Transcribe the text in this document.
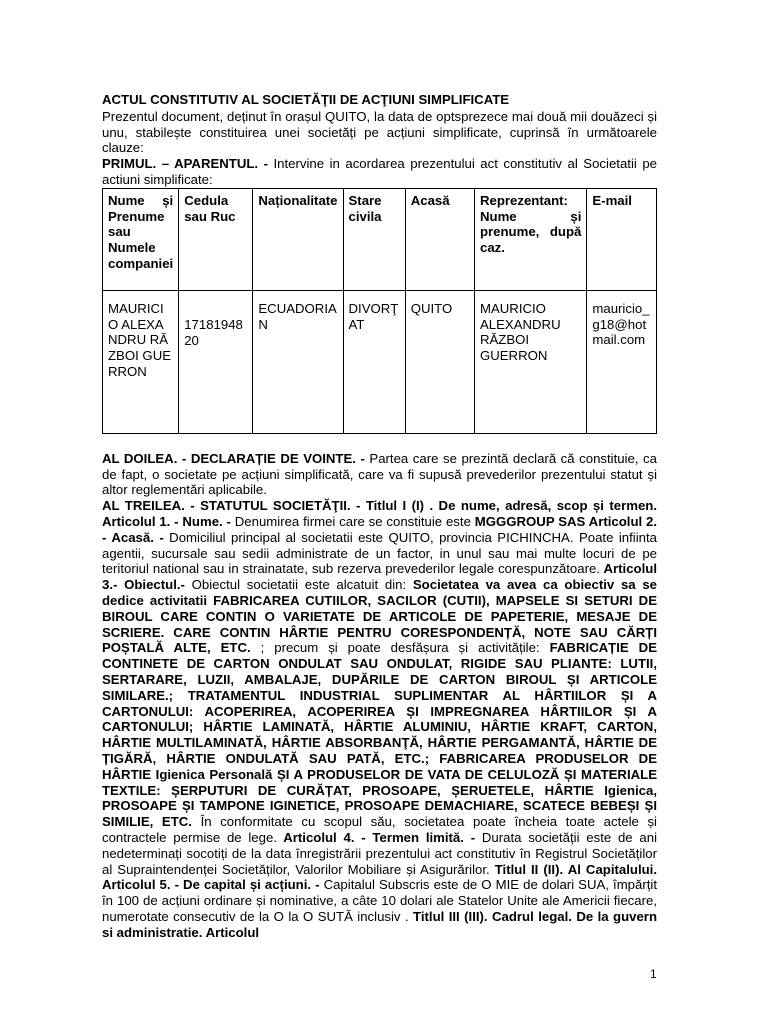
ACTUL CONSTITUTIV AL SOCIETĂŢII DE ACŢIUNI SIMPLIFICATE

Prezentul document, deținut în orașul QUITO, la data de optsprezece mai două mii douăzeci și unu, stabilește constituirea unei societăți pe acțiuni simplificate, cuprinsă în următoarele clauze:

PRIMUL. – APARENTUL. - Intervine in acordarea prezentului act constitutiv al Societatii pe actiuni simplificate:

Nume și Prenume sau Numele companiei	Cedula sau Ruc	Naționalitate	Stare civila	Acasă	Reprezentant: Nume și prenume, după caz.	E-mail
MAURICIO ALEXANDRU RĂZBOI GUERRON	1718194820	ECUADORIAN	DIVORŢAT	QUITO	MAURICIO ALEXANDRU RĂZBOI GUERRON	mauricio_g18@hotmail.com

AL DOILEA. - DECLARAȚIE DE VOINTE. - Partea care se prezintă declară că constituie, ca de fapt, o societate pe acțiuni simplificată, care va fi supusă prevederilor prezentului statut și altor reglementări aplicabile.

AL TREILEA. - STATUTUL SOCIETĂŢII. - Titlul I (I) . De nume, adresă, scop și termen. Articolul 1. - Nume. - Denumirea firmei care se constituie este MGGGROUP SAS Articolul 2. - Acasă. - Domiciliul principal al societatii este QUITO, provincia PICHINCHA. Poate infiinta agentii, sucursale sau sedii administrate de un factor, in unul sau mai multe locuri de pe teritoriul national sau in strainatate, sub rezerva prevederilor legale corespunzătoare. Articolul 3.- Obiectul.- Obiectul societatii este alcatuit din: Societatea va avea ca obiectiv sa se dedice activitatii FABRICAREA CUTIILOR, SACILOR (CUTII), MAPSELE SI SETURI DE BIROUL CARE CONTIN O VARIETATE DE ARTICOLE DE PAPETERIE, MESAJE DE SCRIERE. CARE CONTIN HÂRTIE PENTRU CORESPONDENȚĂ, NOTE SAU CĂRȚI POȘTALĂ ALTE, ETC. ; precum și poate desfășura și activitățile: FABRICAȚIE DE CONTINETE DE CARTON ONDULAT SAU ONDULAT, RIGIDE SAU PLIANTE: LUTII, SERTARARE, LUZII, AMBALAJE, DUPĂRILE DE CARTON BIROUL ȘI ARTICOLE SIMILARE.; TRATAMENTUL INDUSTRIAL SUPLIMENTAR AL HÂRTIILOR ȘI A CARTONULUI: ACOPERIREA, ACOPERIREA ȘI IMPREGNAREA HÂRTIILOR ȘI A CARTONULUI; HÂRTIE LAMINATĂ, HÂRTIE ALUMINIU, HÂRTIE KRAFT, CARTON, HÂRTIE MULTILAMINATĂ, HÂRTIE ABSORBANŢĂ, HÂRTIE PERGAMANTĂ, HÂRTIE DE ȚIGĂRĂ, HÂRTIE ONDULATĂ SAU PATĂ, ETC.; FABRICAREA PRODUSELOR DE HÂRTIE Igienica Personală ȘI A PRODUSELOR DE VATA DE CELULOZĂ ȘI MATERIALE TEXTILE: ȘERPUTURI DE CURĂȚAT, PROSOAPE, ȘERUETELE, HÂRTIE Igienica, PROSOAPE ȘI TAMPONE IGINETICE, PROSOAPE DEMACHIARE, SCATECE BEBEȘI ȘI SIMILIE, ETC. În conformitate cu scopul său, societatea poate încheia toate actele și contractele permise de lege. Articolul 4. - Termen limită. - Durata societății este de ani nedeterminați socotiți de la data înregistrării prezentului act constitutiv în Registrul Societăților al Supraintendenței Societăților, Valorilor Mobiliare și Asigurărilor. Titlul II (II). Al Capitalului. Articolul 5. - De capital și acțiuni. - Capitalul Subscris este de O MIE de dolari SUA, împărțit în 100 de acțiuni ordinare și nominative, a câte 10 dolari ale Statelor Unite ale Americii fiecare, numerotate consecutiv de la O la O SUTĂ inclusiv . Titlul III (III). Cadrul legal. De la guvern si administratie. Articolul

1
